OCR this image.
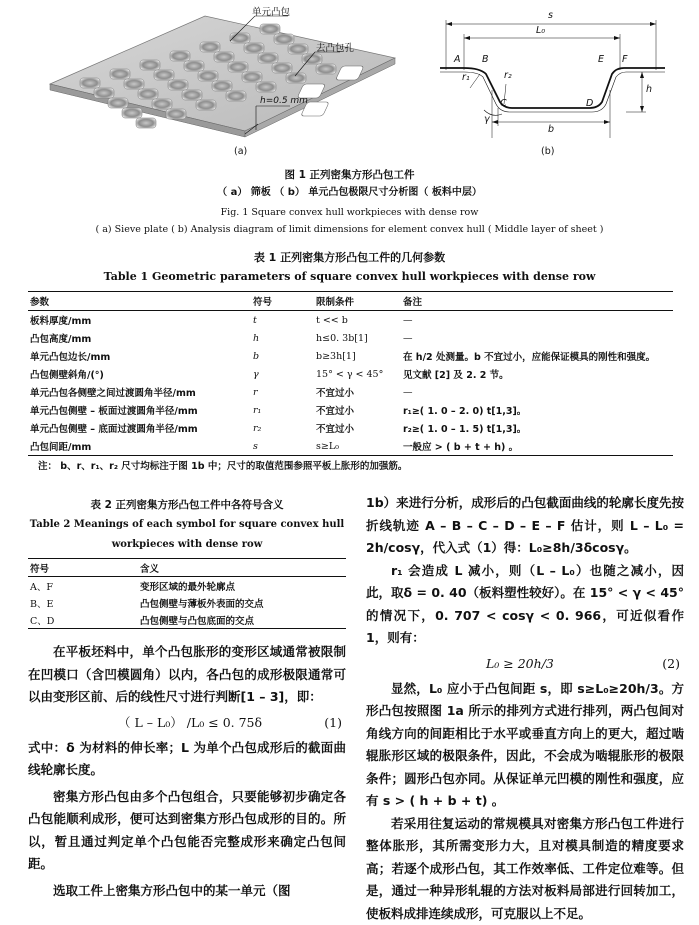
单元凸包
去凸包孔
h=0.5 mm
(a)
s
L₀
A B
C	D
E F
r₁	r₂
h
γ
b
(b)
图 1 正列密集方形凸包工件
（ a） 筛板 （ b） 单元凸包极限尺寸分析图（ 板料中层）
Fig. 1 Square convex hull workpieces with dense row
( a) Sieve plate ( b) Analysis diagram of limit dimensions for element convex hull ( Middle layer of sheet )
表 1 正列密集方形凸包工件的几何参数
Table 1 Geometric parameters of square convex hull workpieces with dense row
参数	符号	限制条件	备注
板料厚度/mm	t	t << b	—
凸包高度/mm	h	h≤0. 3b[1]	—
单元凸包边长/mm	b	b≥3h[1]	在 h/2 处测量。b 不宜过小，应能保证模具的刚性和强度。
凸包侧壁斜角/(°)	γ	15° < γ < 45°	见文献 [2] 及 2. 2 节。
单元凸包各侧壁之间过渡圆角半径/mm	r	不宜过小	—
单元凸包侧壁 – 板面过渡圆角半径/mm	r₁	不宜过小	r₁≥( 1. 0 – 2. 0) t[1,3]。
单元凸包侧壁 – 底面过渡圆角半径/mm	r₂	不宜过小	r₂≥( 1. 0 – 1. 5) t[1,3]。
凸包间距/mm	s	s≥L₀	一般应 > ( b + t + h) 。
注： b、r、r₁、r₂ 尺寸均标注于图 1b 中；尺寸的取值范围参照平板上胀形的加强筋。
表 2 正列密集方形凸包工件中各符号含义
Table 2 Meanings of each symbol for square convex hull
workpieces with dense row
符号	含义
A、F	变形区域的最外轮廓点
B、E	凸包侧壁与薄板外表面的交点
C、D	凸包侧壁与凸包底面的交点
在平板坯料中，单个凸包胀形的变形区域通常被限制在凹模口（含凹模圆角）以内，各凸包的成形极限通常可以由变形区前、后的线性尺寸进行判断[1 – 3]，即：
（ L – L₀） /L₀ ≤ 0. 75δ	(1)
式中：δ 为材料的伸长率；L 为单个凸包成形后的截面曲线轮廓长度。
密集方形凸包由多个凸包组合，只要能够初步确定各凸包能顺利成形，便可达到密集方形凸包成形的目的。所以，暂且通过判定单个凸包能否完整成形来确定凸包间距。
选取工件上密集方形凸包中的某一单元（图
1b）来进行分析，成形后的凸包截面曲线的轮廓长度先按折线轨迹 A – B – C – D – E – F 估计，则 L – L₀ = 2h/cosγ，代入式（1）得：L₀≥8h/3δcosγ。
r₁ 会造成 L 减小，则（L – L₀）也随之减小，因此，取δ = 0. 40（板料塑性较好）。在 15° < γ < 45° 的情况下，0. 707 < cosγ < 0. 966，可近似看作 1，则有：
L₀ ≥ 20h/3	(2)
显然，L₀ 应小于凸包间距 s，即 s≥L₀≥20h/3。方形凸包按照图 1a 所示的排列方式进行排列，两凸包间对角线方向的间距相比于水平或垂直方向上的更大，超过啮辊胀形区域的极限条件，因此，不会成为啮辊胀形的极限条件；圆形凸包亦同。从保证单元凹模的刚性和强度，应有 s > ( h + b + t) 。
若采用往复运动的常规模具对密集方形凸包工件进行整体胀形，其所需变形力大，且对模具制造的精度要求高；若逐个成形凸包，其工作效率低、工件定位难等。但是，通过一种异形轧辊的方法对板料局部进行回转加工，使板料成排连续成形，可克服以上不足。
